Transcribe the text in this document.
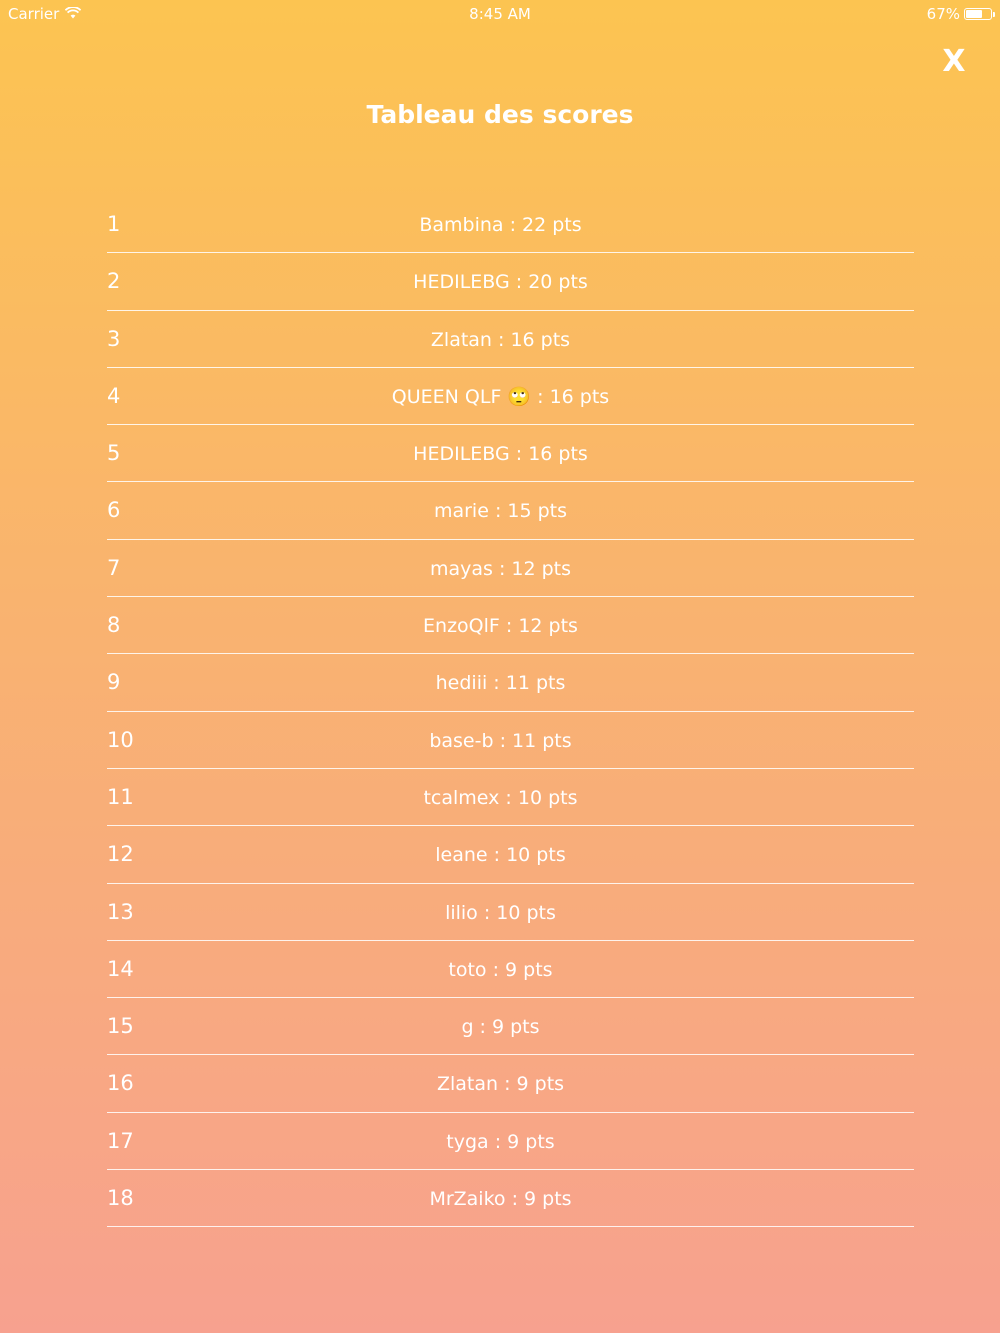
Carrier	8:45 AM	67%
X
Tableau des scores
1	Bambina : 22 pts
2	HEDILEBG : 20 pts
3	Zlatan : 16 pts
4	QUEEN QLF 🙄 : 16 pts
5	HEDILEBG : 16 pts
6	marie : 15 pts
7	mayas : 12 pts
8	EnzoQlF : 12 pts
9	hediii : 11 pts
10	base-b : 11 pts
11	tcalmex : 10 pts
12	leane : 10 pts
13	lilio : 10 pts
14	toto : 9 pts
15	g : 9 pts
16	Zlatan : 9 pts
17	tyga : 9 pts
18	MrZaiko : 9 pts
